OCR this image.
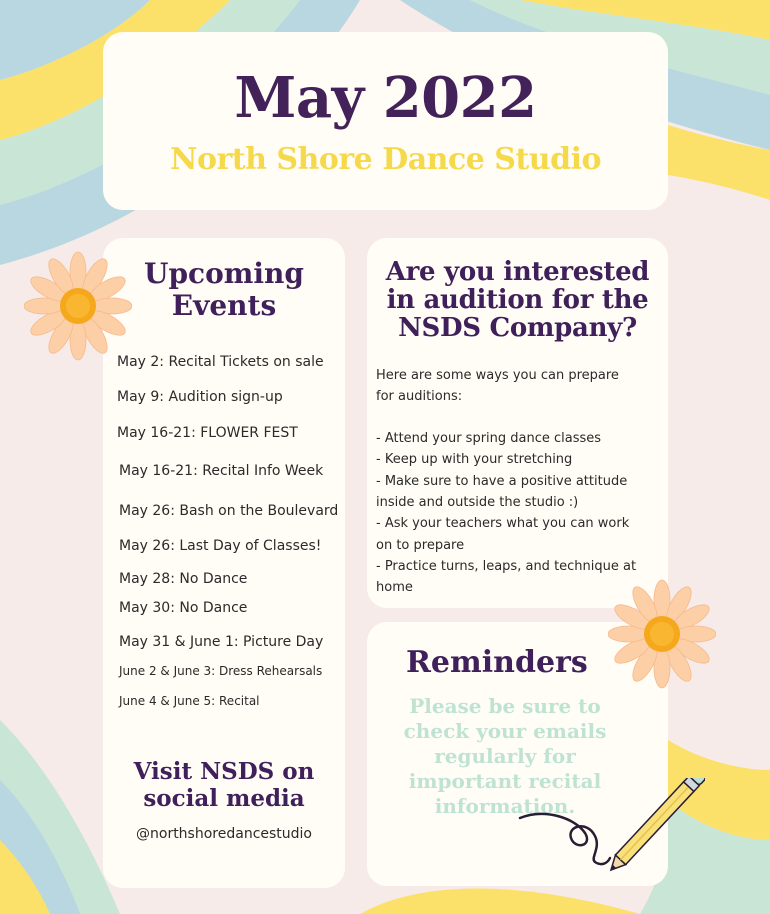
May 2022
North Shore Dance Studio
Upcoming
Events
May 2: Recital Tickets on sale
May 9: Audition sign-up
May 16-21: FLOWER FEST
May 16-21: Recital Info Week
May 26: Bash on the Boulevard
May 26: Last Day of Classes!
May 28: No Dance
May 30: No Dance
May 31 & June 1: Picture Day
June 2 & June 3: Dress Rehearsals
June 4 & June 5: Recital
Visit NSDS on
social media
@northshoredancestudio
Are you interested
in audition for the
NSDS Company?
Here are some ways you can prepare
for auditions:
- Attend your spring dance classes
- Keep up with your stretching
- Make sure to have a positive attitude
inside and outside the studio :)
- Ask your teachers what you can work
on to prepare
- Practice turns, leaps, and technique at
home
Reminders
Please be sure to
check your emails
regularly for
important recital
information.
